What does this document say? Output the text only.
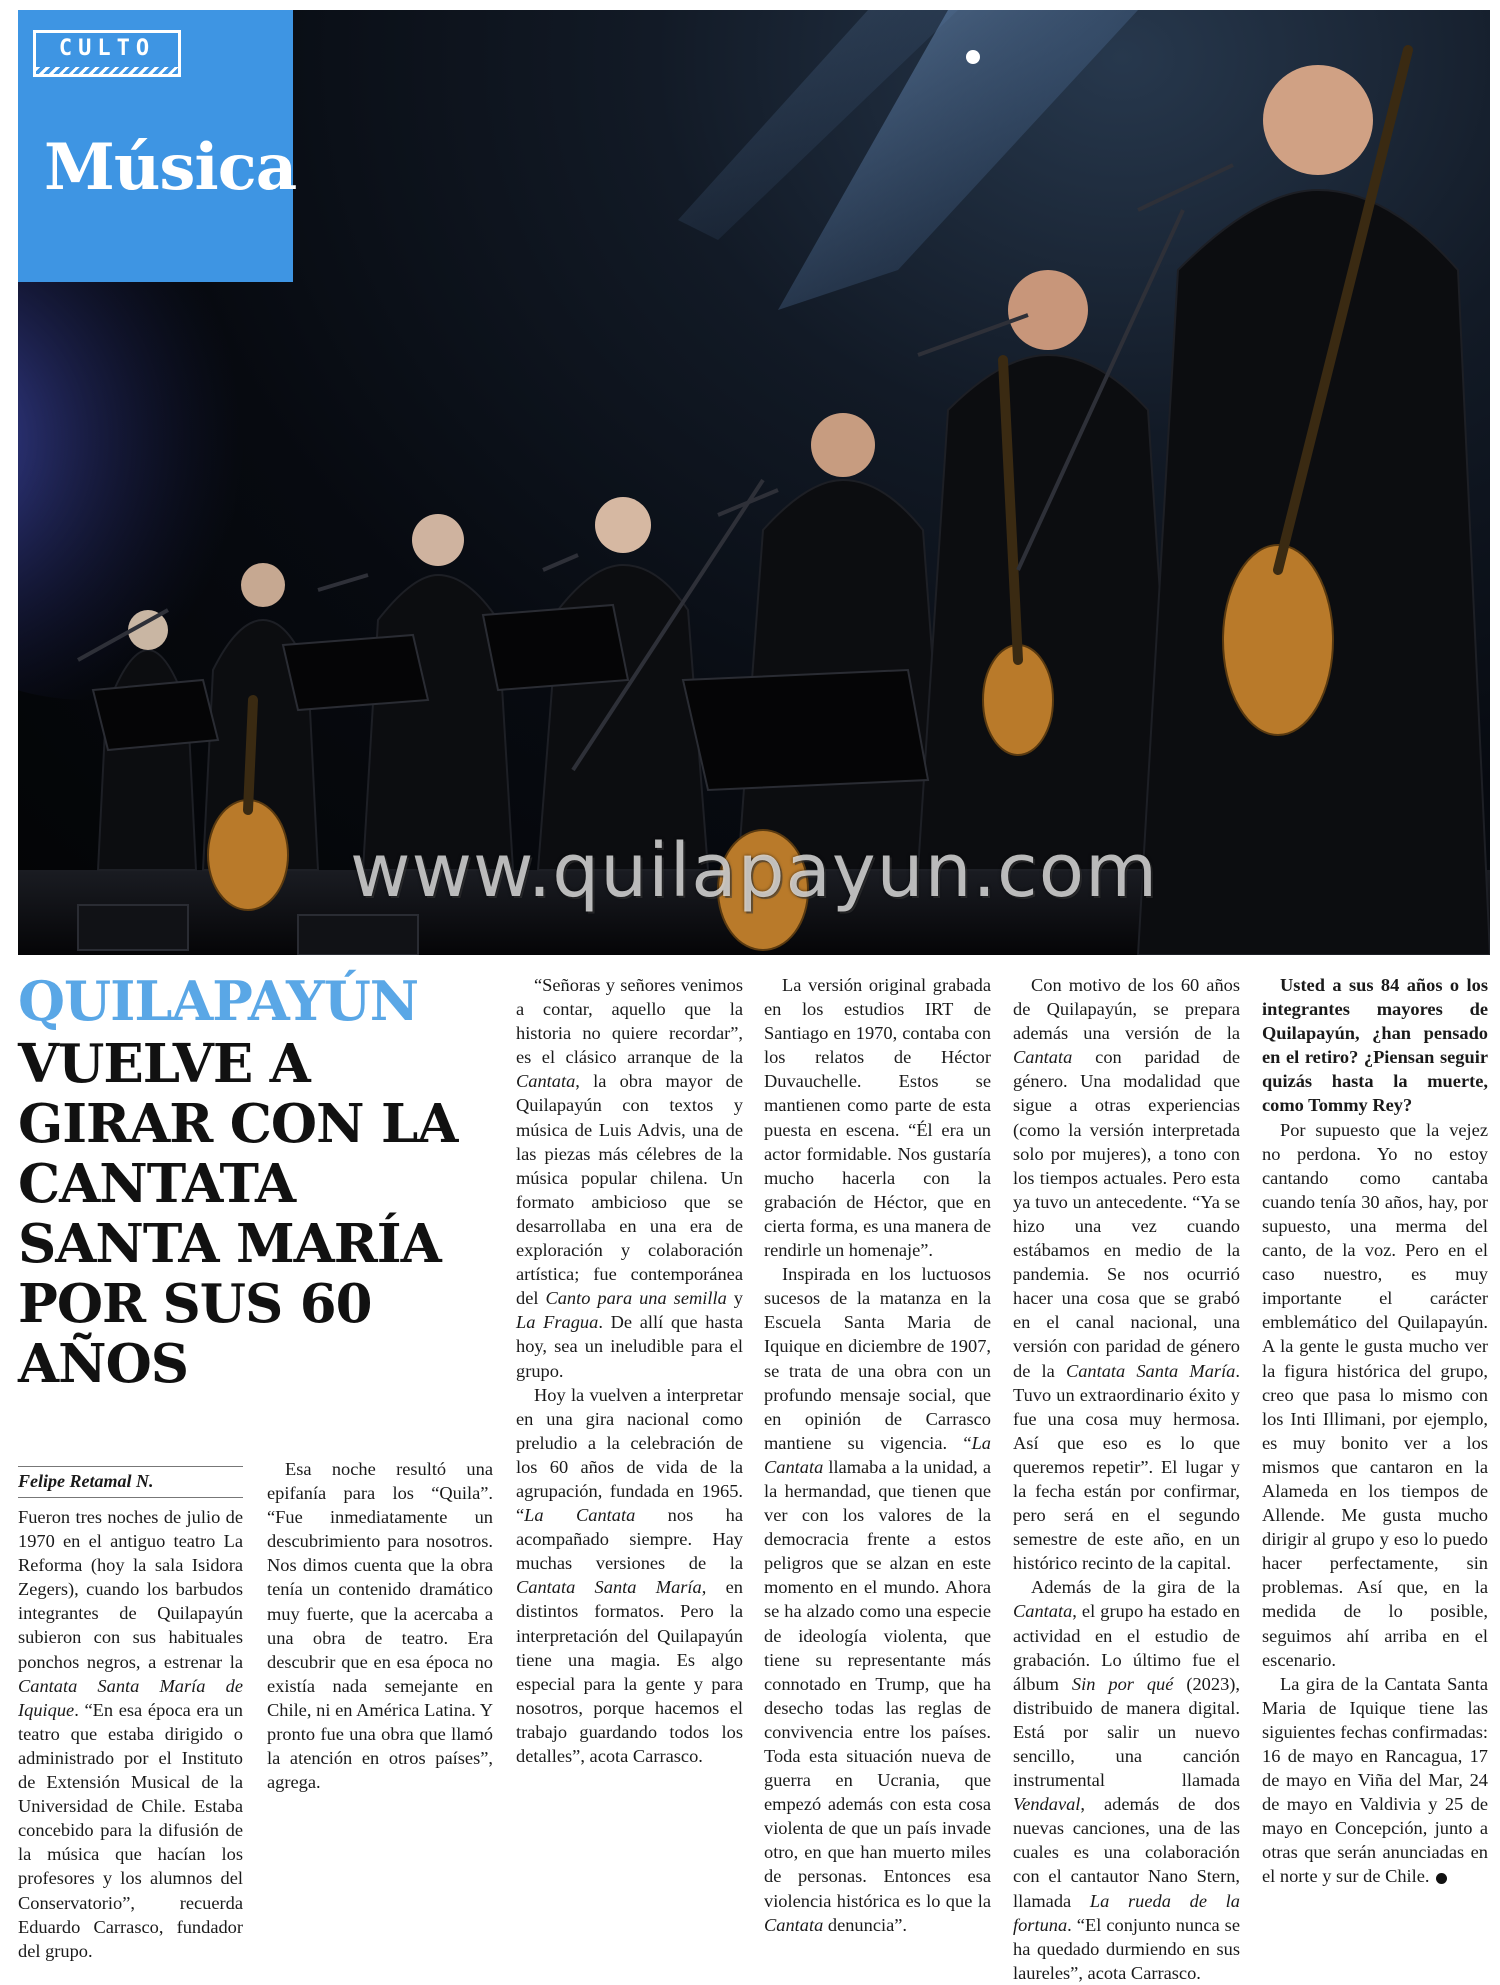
www.quilapayun.com
CULTO
Música
QUILAPAYÚN
VUELVE A GIRAR CON LA CANTATA SANTA MARÍA POR SUS 60 AÑOS
Felipe Retamal N.

Fueron tres noches de julio de 1970 en el antiguo teatro La Reforma (hoy la sala Isidora Zegers), cuando los barbudos integrantes de Quilapayún subieron con sus habituales ponchos negros, a estrenar la Cantata Santa María de Iquique. “En esa época era un teatro que estaba dirigido o administrado por el Instituto de Extensión Musical de la Universidad de Chile. Estaba concebido para la difusión de la música que hacían los profesores y los alumnos del Conservatorio”, recuerda Eduardo Carrasco, fundador del grupo.

Esa noche resultó una epifanía para los “Quila”. “Fue inmediatamente un descubrimiento para nosotros. Nos dimos cuenta que la obra tenía un contenido dramático muy fuerte, que la acercaba a una obra de teatro. Era descubrir que en esa época no existía nada semejante en Chile, ni en América Latina. Y pronto fue una obra que llamó la atención en otros países”, agrega.

“Señoras y señores venimos a contar, aquello que la historia no quiere recordar”, es el clásico arranque de la Cantata, la obra mayor de Quilapayún con textos y música de Luis Advis, una de las piezas más célebres de la música popular chilena. Un formato ambicioso que se desarrollaba en una era de exploración y colaboración artística; fue contemporánea del Canto para una semilla y La Fragua. De allí que hasta hoy, sea un ineludible para el grupo.

Hoy la vuelven a interpretar en una gira nacional como preludio a la celebración de los 60 años de vida de la agrupación, fundada en 1965. “La Cantata nos ha acompañado siempre. Hay muchas versiones de la Cantata Santa María, en distintos formatos. Pero la interpretación del Quilapayún tiene una magia. Es algo especial para la gente y para nosotros, porque hacemos el trabajo guardando todos los detalles”, acota Carrasco.

La versión original grabada en los estudios IRT de Santiago en 1970, contaba con los relatos de Héctor Duvauchelle. Estos se mantienen como parte de esta puesta en escena. “Él era un actor formidable. Nos gustaría mucho hacerla con la grabación de Héctor, que en cierta forma, es una manera de rendirle un homenaje”.

Inspirada en los luctuosos sucesos de la matanza en la Escuela Santa Maria de Iquique en diciembre de 1907, se trata de una obra con un profundo mensaje social, que en opinión de Carrasco mantiene su vigencia. “La Cantata llamaba a la unidad, a la hermandad, que tienen que ver con los valores de la democracia frente a estos peligros que se alzan en este momento en el mundo. Ahora se ha alzado como una especie de ideología violenta, que tiene su representante más connotado en Trump, que ha desecho todas las reglas de convivencia entre los países. Toda esta situación nueva de guerra en Ucrania, que empezó además con esta cosa violenta de que un país invade otro, en que han muerto miles de personas. Entonces esa violencia histórica es lo que la Cantata denuncia”.

Con motivo de los 60 años de Quilapayún, se prepara además una versión de la Cantata con paridad de género. Una modalidad que sigue a otras experiencias (como la versión interpretada solo por mujeres), a tono con los tiempos actuales. Pero esta ya tuvo un antecedente. “Ya se hizo una vez cuando estábamos en medio de la pandemia. Se nos ocurrió hacer una cosa que se grabó en el canal nacional, una versión con paridad de género de la Cantata Santa María. Tuvo un extraordinario éxito y fue una cosa muy hermosa. Así que eso es lo que queremos repetir”. El lugar y la fecha están por confirmar, pero será en el segundo semestre de este año, en un histórico recinto de la capital.

Además de la gira de la Cantata, el grupo ha estado en actividad en el estudio de grabación. Lo último fue el álbum Sin por qué (2023), distribuido de manera digital. Está por salir un nuevo sencillo, una canción instrumental llamada Vendaval, además de dos nuevas canciones, una de las cuales es una colaboración con el cantautor Nano Stern, llamada La rueda de la fortuna. “El conjunto nunca se ha quedado durmiendo en sus laureles”, acota Carrasco.

Usted a sus 84 años o los integrantes mayores de Quilapayún, ¿han pensado en el retiro? ¿Piensan seguir quizás hasta la muerte, como Tommy Rey?

Por supuesto que la vejez no perdona. Yo no estoy cantando como cantaba cuando tenía 30 años, hay, por supuesto, una merma del canto, de la voz. Pero en el caso nuestro, es muy importante el carácter emblemático del Quilapayún. A la gente le gusta mucho ver la figura histórica del grupo, creo que pasa lo mismo con los Inti Illimani, por ejemplo, es muy bonito ver a los mismos que cantaron en la Alameda en los tiempos de Allende. Me gusta mucho dirigir al grupo y eso lo puedo hacer perfectamente, sin problemas. Así que, en la medida de lo posible, seguimos ahí arriba en el escenario.

La gira de la Cantata Santa Maria de Iquique tiene las siguientes fechas confirmadas: 16 de mayo en Rancagua, 17 de mayo en Viña del Mar, 24 de mayo en Valdivia y 25 de mayo en Concepción, junto a otras que serán anunciadas en el norte y sur de Chile.
